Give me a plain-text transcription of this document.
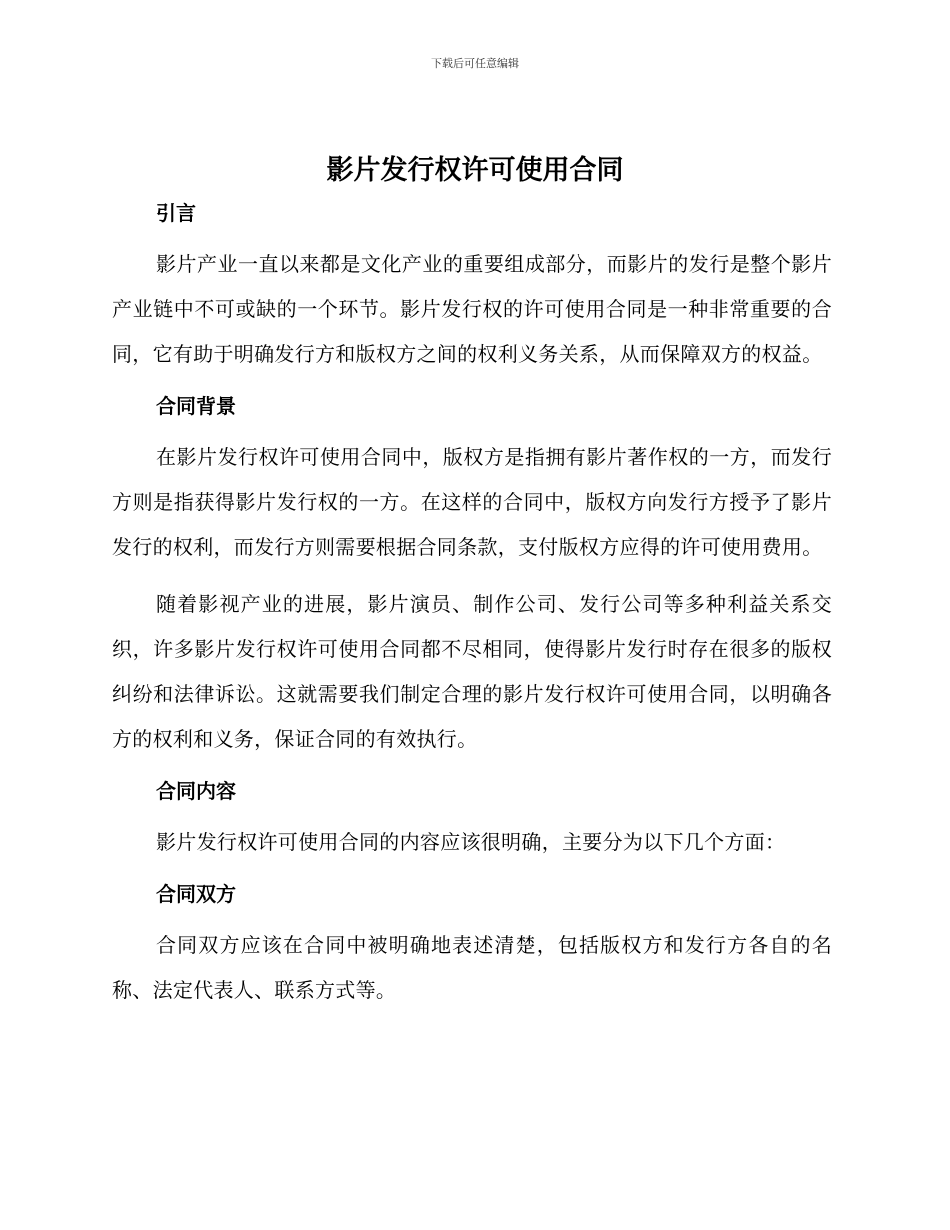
下载后可任意编辑
影片发行权许可使用合同
引言

影片产业一直以来都是文化产业的重要组成部分，而影片的发行是整个影片产业链中不可或缺的一个环节。影片发行权的许可使用合同是一种非常重要的合同，它有助于明确发行方和版权方之间的权利义务关系，从而保障双方的权益。

合同背景

在影片发行权许可使用合同中，版权方是指拥有影片著作权的一方，而发行方则是指获得影片发行权的一方。在这样的合同中，版权方向发行方授予了影片发行的权利，而发行方则需要根据合同条款，支付版权方应得的许可使用费用。

随着影视产业的进展，影片演员、制作公司、发行公司等多种利益关系交织，许多影片发行权许可使用合同都不尽相同，使得影片发行时存在很多的版权纠纷和法律诉讼。这就需要我们制定合理的影片发行权许可使用合同，以明确各方的权利和义务，保证合同的有效执行。

合同内容

影片发行权许可使用合同的内容应该很明确，主要分为以下几个方面：

合同双方

合同双方应该在合同中被明确地表述清楚，包括版权方和发行方各自的名称、法定代表人、联系方式等。
